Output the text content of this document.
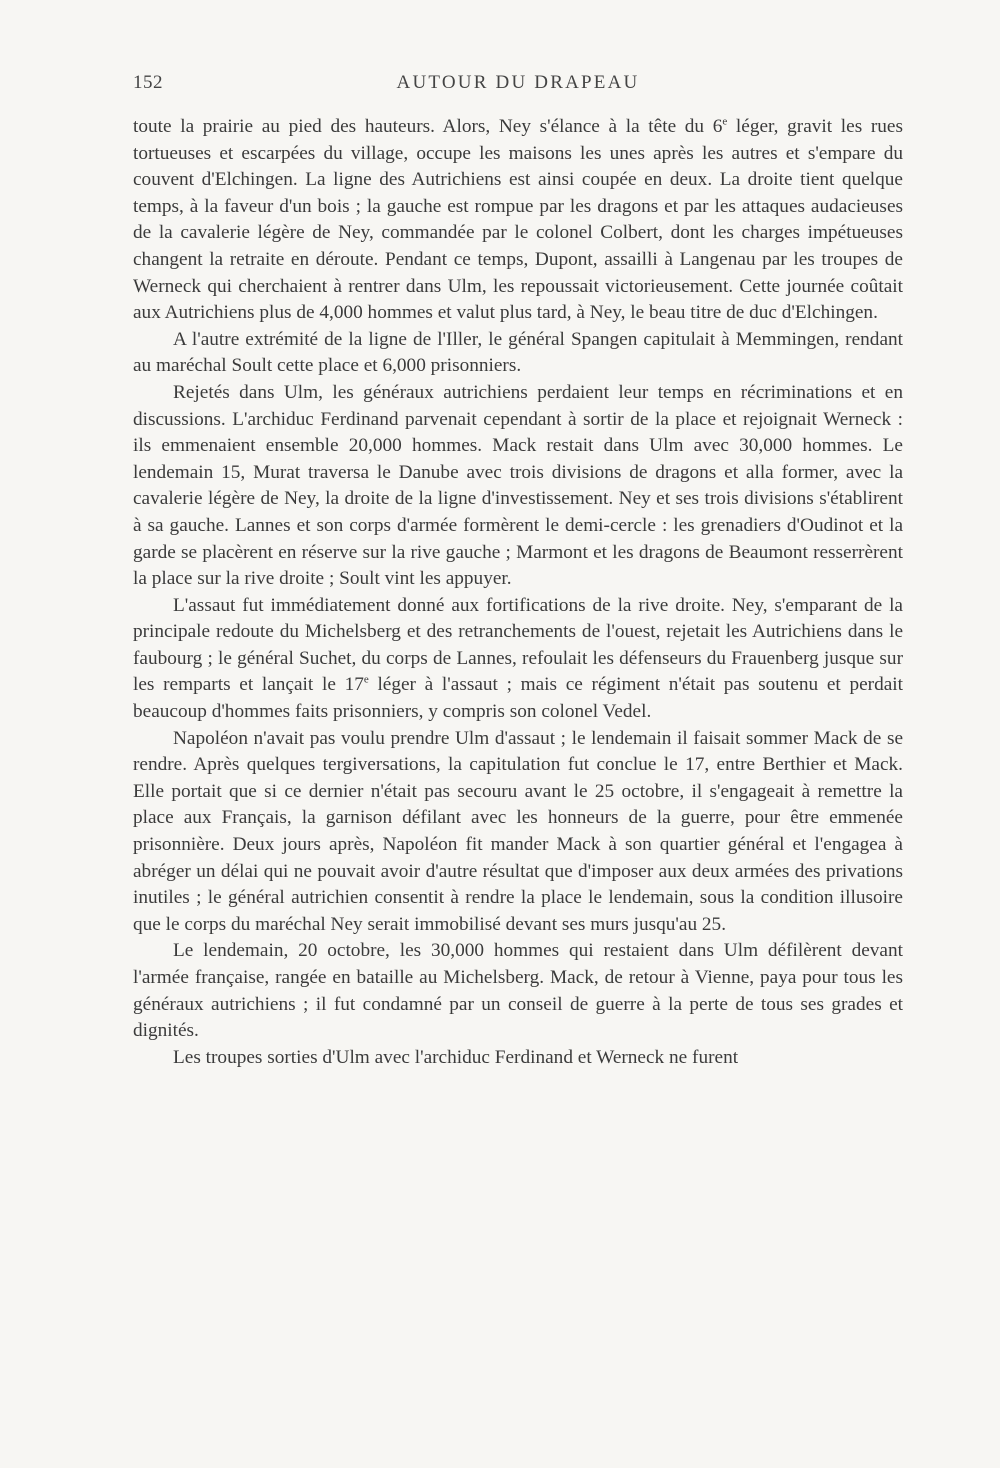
152	AUTOUR DU DRAPEAU

toute la prairie au pied des hauteurs. Alors, Ney s'élance à la tête du 6e léger, gravit les rues tortueuses et escarpées du village, occupe les maisons les unes après les autres et s'empare du couvent d'Elchingen. La ligne des Autrichiens est ainsi coupée en deux. La droite tient quelque temps, à la faveur d'un bois ; la gauche est rompue par les dragons et par les attaques audacieuses de la cavalerie légère de Ney, commandée par le colonel Colbert, dont les charges impétueuses changent la retraite en déroute. Pendant ce temps, Dupont, assailli à Langenau par les troupes de Werneck qui cherchaient à rentrer dans Ulm, les repoussait victorieusement. Cette journée coûtait aux Autrichiens plus de 4,000 hommes et valut plus tard, à Ney, le beau titre de duc d'Elchingen.

A l'autre extrémité de la ligne de l'Iller, le général Spangen capitulait à Memmingen, rendant au maréchal Soult cette place et 6,000 prisonniers.

Rejetés dans Ulm, les généraux autrichiens perdaient leur temps en récriminations et en discussions. L'archiduc Ferdinand parvenait cependant à sortir de la place et rejoignait Werneck : ils emmenaient ensemble 20,000 hommes. Mack restait dans Ulm avec 30,000 hommes. Le lendemain 15, Murat traversa le Danube avec trois divisions de dragons et alla former, avec la cavalerie légère de Ney, la droite de la ligne d'investissement. Ney et ses trois divisions s'établirent à sa gauche. Lannes et son corps d'armée formèrent le demi-cercle : les grenadiers d'Oudinot et la garde se placèrent en réserve sur la rive gauche ; Marmont et les dragons de Beaumont resserrèrent la place sur la rive droite ; Soult vint les appuyer.

L'assaut fut immédiatement donné aux fortifications de la rive droite. Ney, s'emparant de la principale redoute du Michelsberg et des retranchements de l'ouest, rejetait les Autrichiens dans le faubourg ; le général Suchet, du corps de Lannes, refoulait les défenseurs du Frauenberg jusque sur les remparts et lançait le 17e léger à l'assaut ; mais ce régiment n'était pas soutenu et perdait beaucoup d'hommes faits prisonniers, y compris son colonel Vedel.

Napoléon n'avait pas voulu prendre Ulm d'assaut ; le lendemain il faisait sommer Mack de se rendre. Après quelques tergiversations, la capitulation fut conclue le 17, entre Berthier et Mack. Elle portait que si ce dernier n'était pas secouru avant le 25 octobre, il s'engageait à remettre la place aux Français, la garnison défilant avec les honneurs de la guerre, pour être emmenée prisonnière. Deux jours après, Napoléon fit mander Mack à son quartier général et l'engagea à abréger un délai qui ne pouvait avoir d'autre résultat que d'imposer aux deux armées des privations inutiles ; le général autrichien consentit à rendre la place le lendemain, sous la condition illusoire que le corps du maréchal Ney serait immobilisé devant ses murs jusqu'au 25.

Le lendemain, 20 octobre, les 30,000 hommes qui restaient dans Ulm défilèrent devant l'armée française, rangée en bataille au Michelsberg. Mack, de retour à Vienne, paya pour tous les généraux autrichiens ; il fut condamné par un conseil de guerre à la perte de tous ses grades et dignités.

Les troupes sorties d'Ulm avec l'archiduc Ferdinand et Werneck ne furent
